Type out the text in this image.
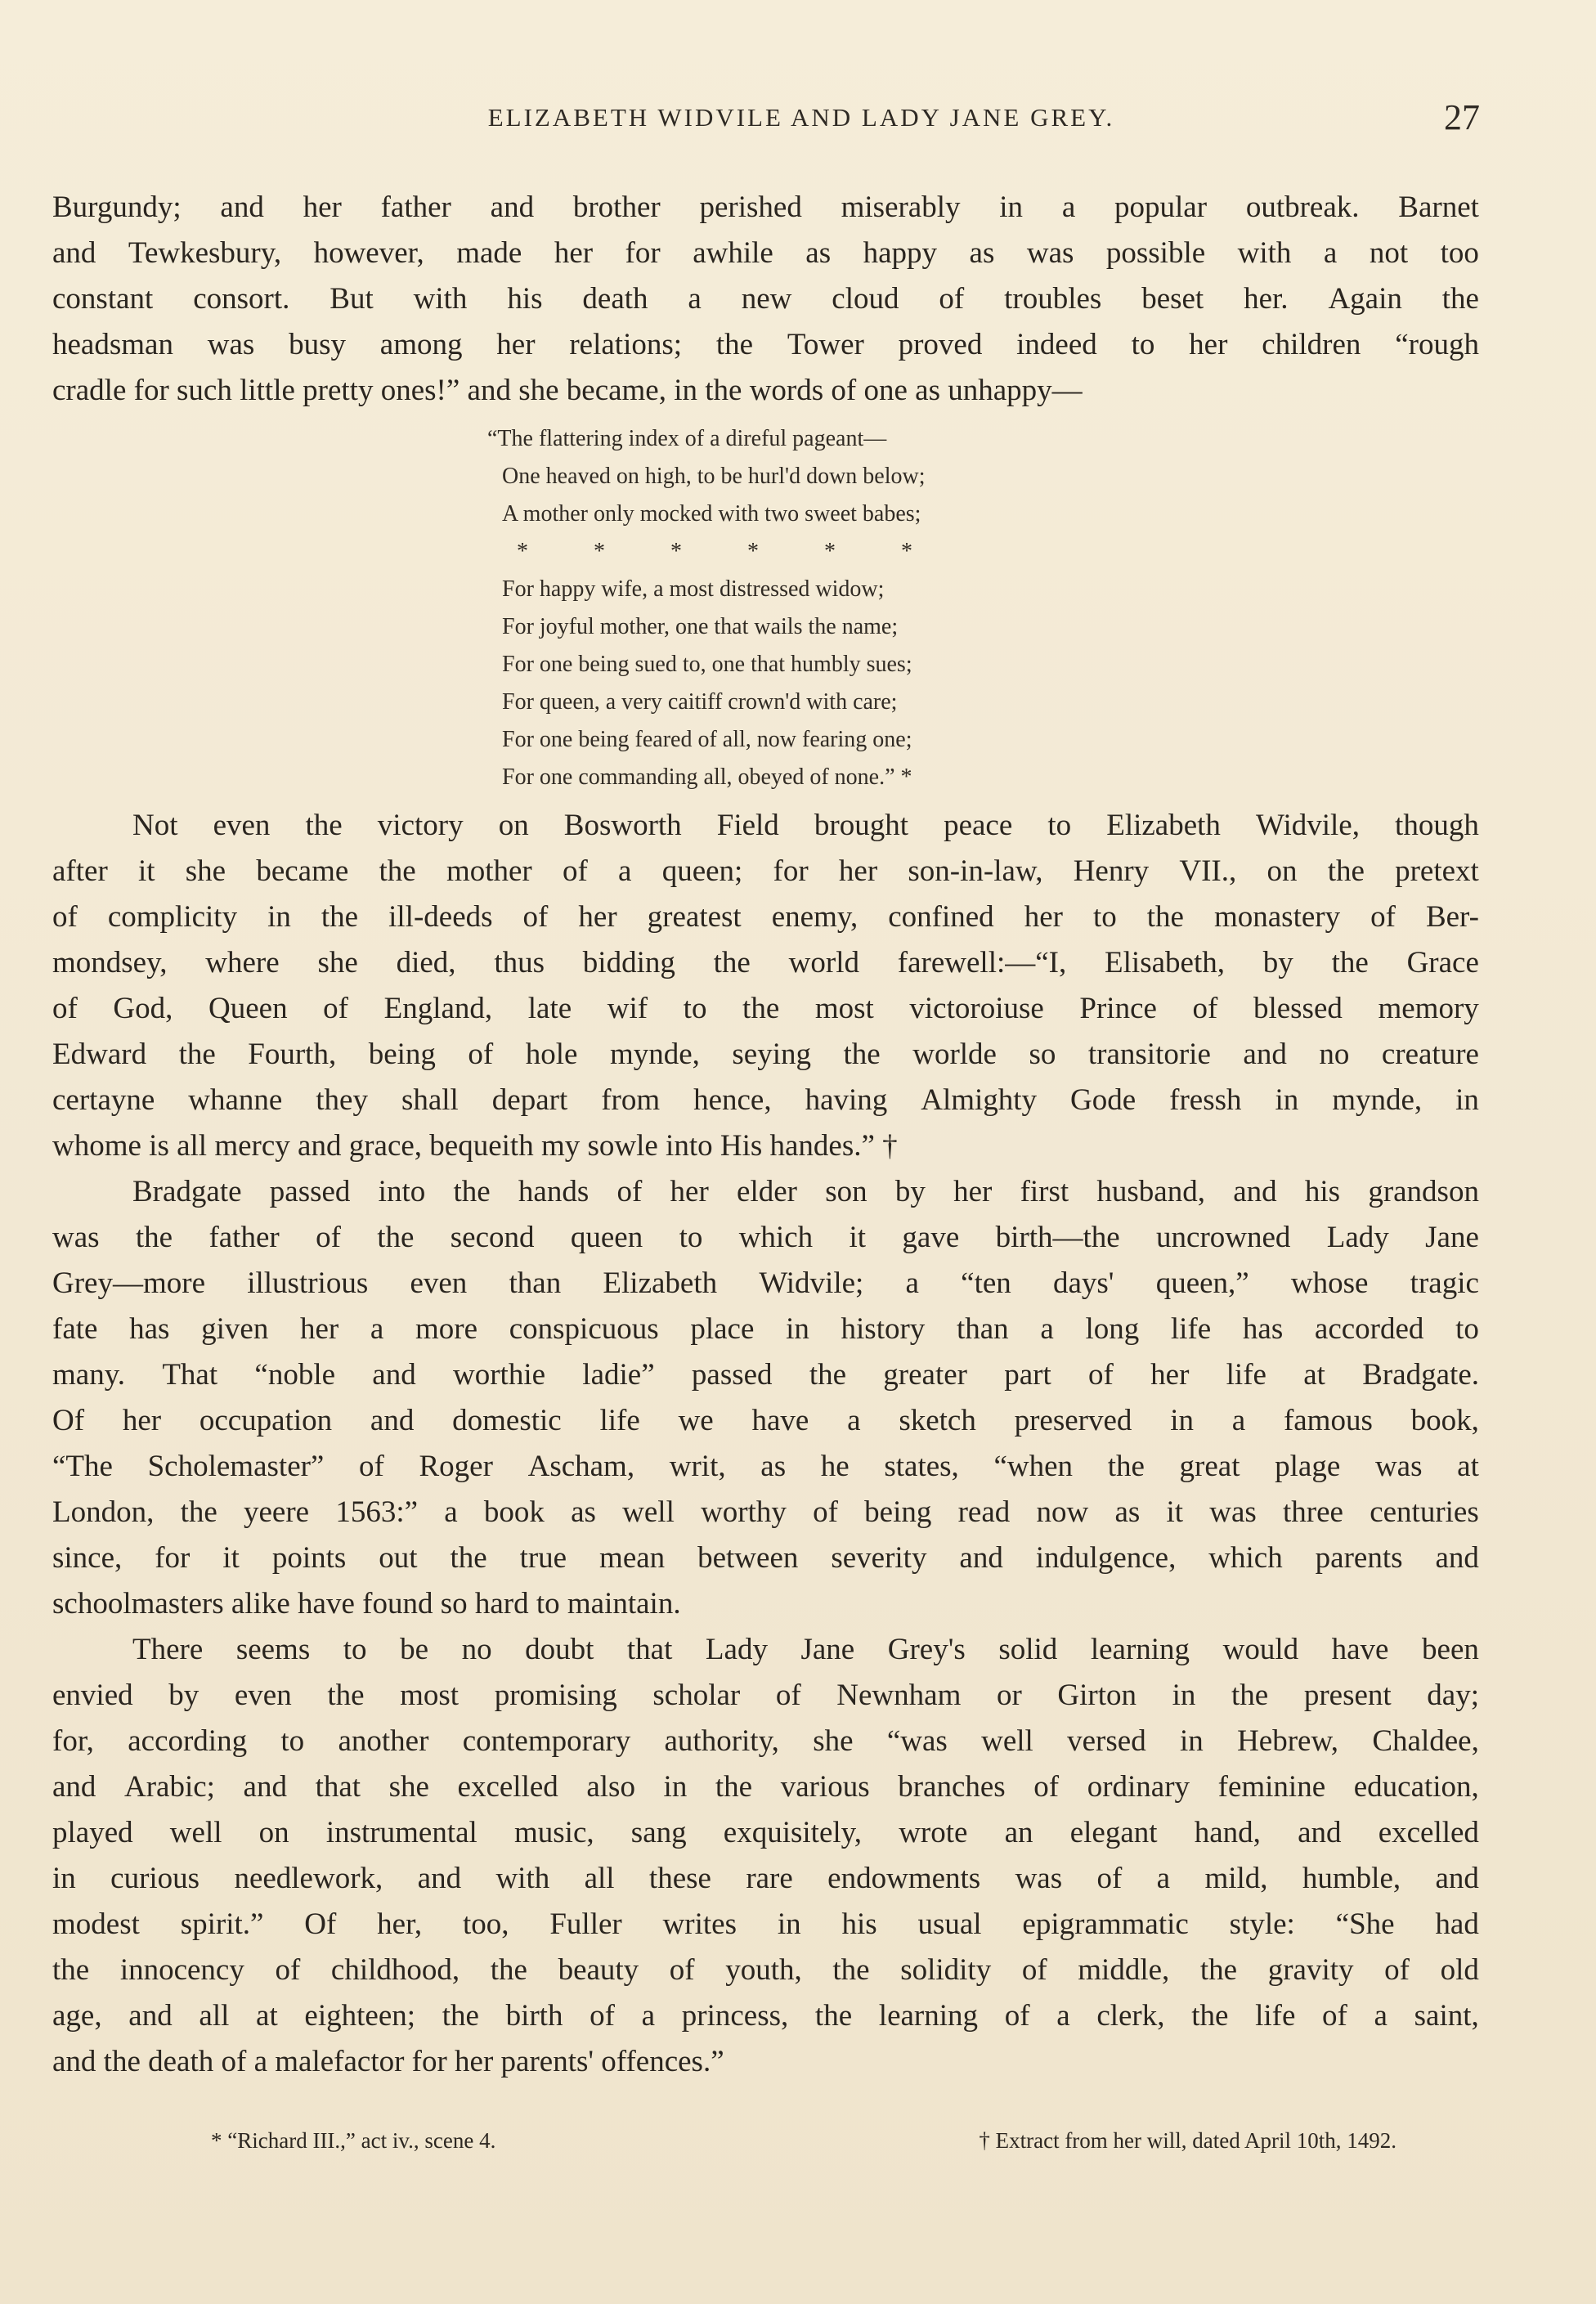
ELIZABETH WIDVILE AND LADY JANE GREY.	27
Burgundy; and her father and brother perished miserably in a popular outbreak. Barnet
and Tewkesbury, however, made her for awhile as happy as was possible with a not too
constant consort. But with his death a new cloud of troubles beset her. Again the
headsman was busy among her relations; the Tower proved indeed to her children “rough
cradle for such little pretty ones!” and she became, in the words of one as unhappy—
“The flattering index of a direful pageant—
One heaved on high, to be hurl'd down below;
A mother only mocked with two sweet babes;
*	*	*	*	*	*
For happy wife, a most distressed widow;
For joyful mother, one that wails the name;
For one being sued to, one that humbly sues;
For queen, a very caitiff crown'd with care;
For one being feared of all, now fearing one;
For one commanding all, obeyed of none.” *
Not even the victory on Bosworth Field brought peace to Elizabeth Widvile, though
after it she became the mother of a queen; for her son-in-law, Henry VII., on the pretext
of complicity in the ill-deeds of her greatest enemy, confined her to the monastery of Ber-
mondsey, where she died, thus bidding the world farewell:—“I, Elisabeth, by the Grace
of God, Queen of England, late wif to the most victoroiuse Prince of blessed memory
Edward the Fourth, being of hole mynde, seying the worlde so transitorie and no creature
certayne whanne they shall depart from hence, having Almighty Gode fressh in mynde, in
whome is all mercy and grace, bequeith my sowle into His handes.” †
Bradgate passed into the hands of her elder son by her first husband, and his grandson
was the father of the second queen to which it gave birth—the uncrowned Lady Jane
Grey—more illustrious even than Elizabeth Widvile; a “ten days' queen,” whose tragic
fate has given her a more conspicuous place in history than a long life has accorded to
many. That “noble and worthie ladie” passed the greater part of her life at Bradgate.
Of her occupation and domestic life we have a sketch preserved in a famous book,
“The Scholemaster” of Roger Ascham, writ, as he states, “when the great plage was at
London, the yeere 1563:” a book as well worthy of being read now as it was three centuries
since, for it points out the true mean between severity and indulgence, which parents and
schoolmasters alike have found so hard to maintain.
There seems to be no doubt that Lady Jane Grey's solid learning would have been
envied by even the most promising scholar of Newnham or Girton in the present day;
for, according to another contemporary authority, she “was well versed in Hebrew, Chaldee,
and Arabic; and that she excelled also in the various branches of ordinary feminine education,
played well on instrumental music, sang exquisitely, wrote an elegant hand, and excelled
in curious needlework, and with all these rare endowments was of a mild, humble, and
modest spirit.” Of her, too, Fuller writes in his usual epigrammatic style: “She had
the innocency of childhood, the beauty of youth, the solidity of middle, the gravity of old
age, and all at eighteen; the birth of a princess, the learning of a clerk, the life of a saint,
and the death of a malefactor for her parents' offences.”
* “Richard III.,” act iv., scene 4.	† Extract from her will, dated April 10th, 1492.
